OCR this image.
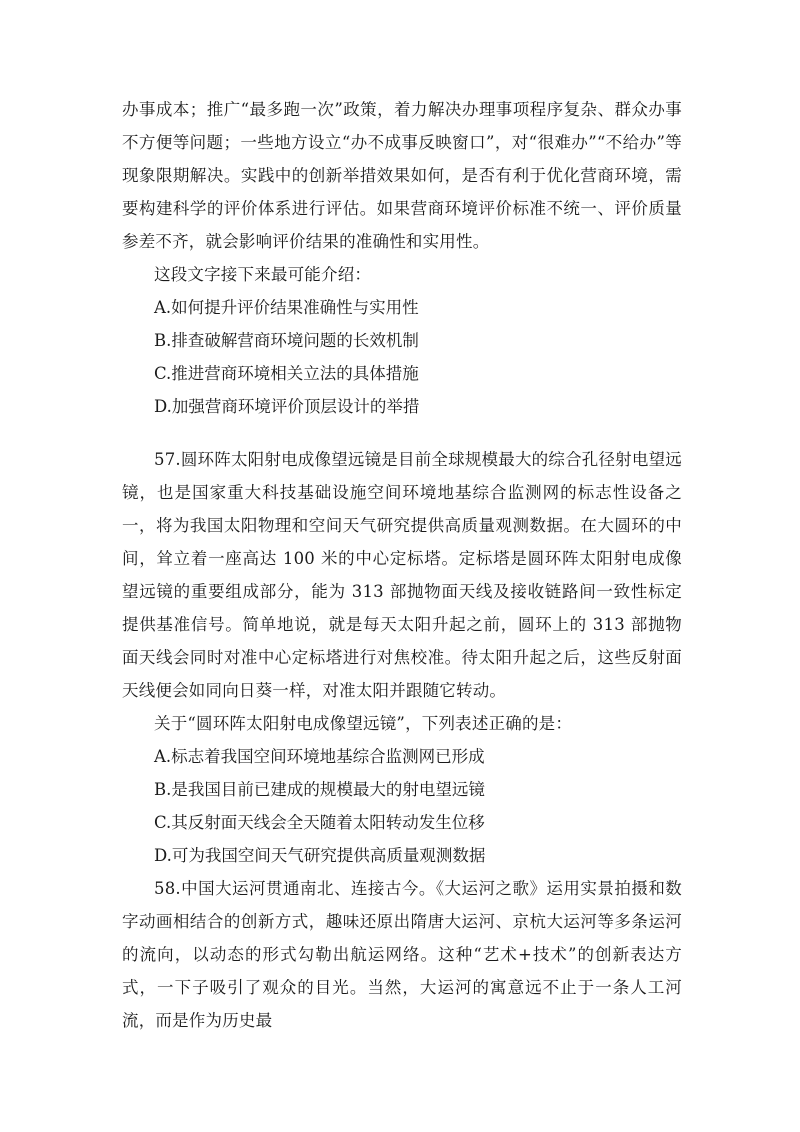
办事成本；推广“最多跑一次”政策，着力解决办理事项程序复杂、群众办事不方便等问题；一些地方设立“办不成事反映窗口”，对“很难办”“不给办”等现象限期解决。实践中的创新举措效果如何，是否有利于优化营商环境，需要构建科学的评价体系进行评估。如果营商环境评价标准不统一、评价质量参差不齐，就会影响评价结果的准确性和实用性。

这段文字接下来最可能介绍：

A.如何提升评价结果准确性与实用性

B.排查破解营商环境问题的长效机制

C.推进营商环境相关立法的具体措施

D.加强营商环境评价顶层设计的举措

57.圆环阵太阳射电成像望远镜是目前全球规模最大的综合孔径射电望远镜，也是国家重大科技基础设施空间环境地基综合监测网的标志性设备之一，将为我国太阳物理和空间天气研究提供高质量观测数据。在大圆环的中间，耸立着一座高达 100 米的中心定标塔。定标塔是圆环阵太阳射电成像望远镜的重要组成部分，能为 313 部抛物面天线及接收链路间一致性标定提供基准信号。简单地说，就是每天太阳升起之前，圆环上的 313 部抛物面天线会同时对准中心定标塔进行对焦校准。待太阳升起之后，这些反射面天线便会如同向日葵一样，对准太阳并跟随它转动。

关于“圆环阵太阳射电成像望远镜”，下列表述正确的是：

A.标志着我国空间环境地基综合监测网已形成

B.是我国目前已建成的规模最大的射电望远镜

C.其反射面天线会全天随着太阳转动发生位移

D.可为我国空间天气研究提供高质量观测数据

58.中国大运河贯通南北、连接古今。《大运河之歌》运用实景拍摄和数字动画相结合的创新方式，趣味还原出隋唐大运河、京杭大运河等多条运河的流向，以动态的形式勾勒出航运网络。这种“艺术+技术”的创新表达方式，一下子吸引了观众的目光。当然，大运河的寓意远不止于一条人工河流，而是作为历史最
